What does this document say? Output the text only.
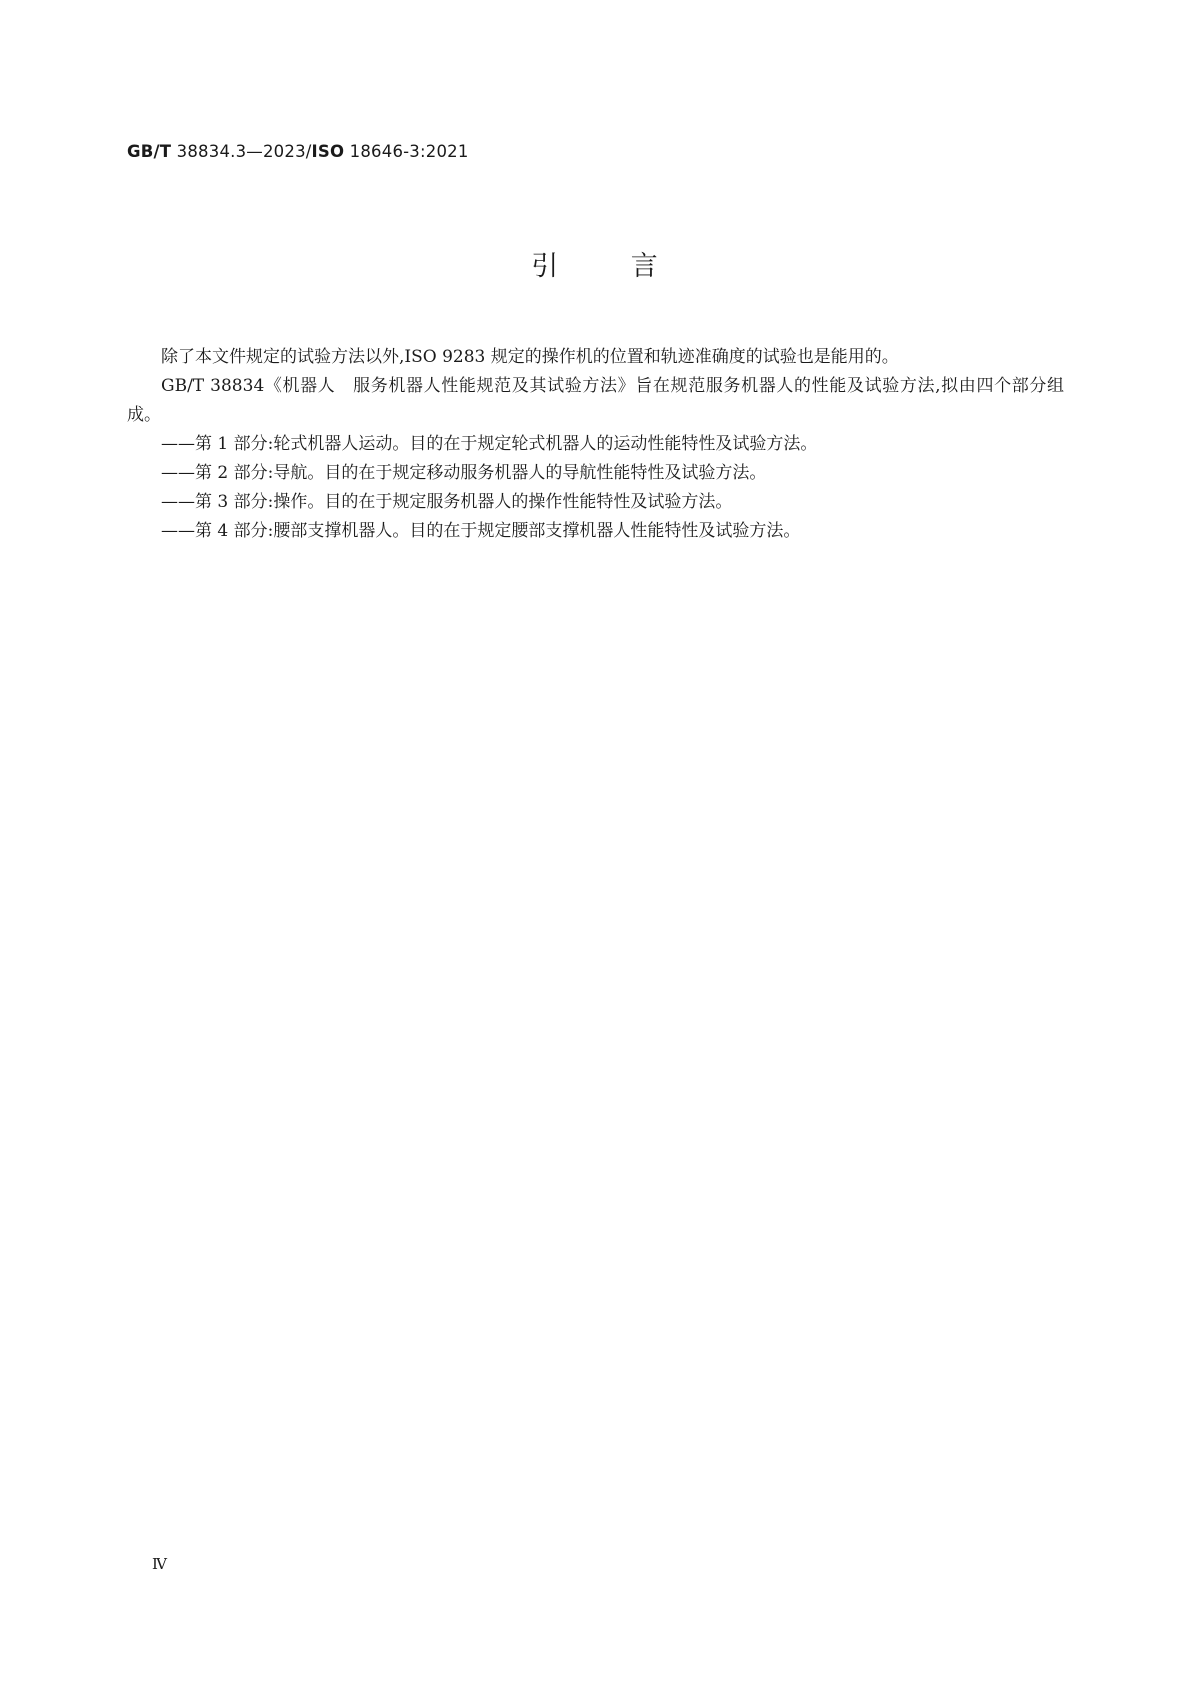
GB/T 38834.3—2023/ISO 18646-3:2021
引 言

除了本文件规定的试验方法以外,ISO 9283 规定的操作机的位置和轨迹准确度的试验也是能用的。

GB/T 38834《机器人　服务机器人性能规范及其试验方法》旨在规范服务机器人的性能及试验方法,拟由四个部分组成。

——第 1 部分:轮式机器人运动。目的在于规定轮式机器人的运动性能特性及试验方法。

——第 2 部分:导航。目的在于规定移动服务机器人的导航性能特性及试验方法。

——第 3 部分:操作。目的在于规定服务机器人的操作性能特性及试验方法。

——第 4 部分:腰部支撑机器人。目的在于规定腰部支撑机器人性能特性及试验方法。

Ⅳ
